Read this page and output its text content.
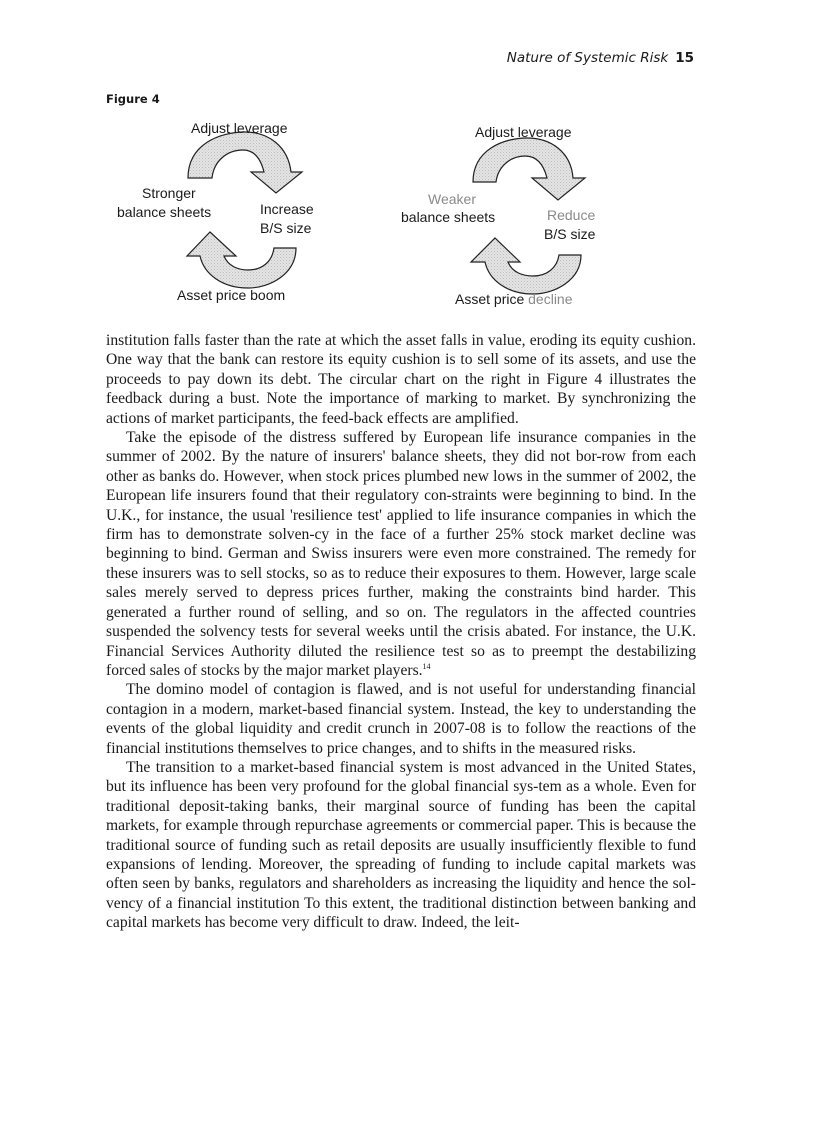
Nature of Systemic Risk 15
Figure 4
Adjust leverage
Stronger
balance sheets	Increase
B/S size
Asset price boom
Adjust leverage
Weaker
balance sheets	Reduce
B/S size
Asset price decline

institution falls faster than the rate at which the asset falls in value, eroding its equity cushion. One way that the bank can restore its equity cushion is to sell some of its assets, and use the proceeds to pay down its debt. The circular chart on the right in Figure 4 illustrates the feedback during a bust. Note the importance of marking to market. By synchronizing the actions of market participants, the feed-back effects are amplified.

Take the episode of the distress suffered by European life insurance companies in the summer of 2002. By the nature of insurers' balance sheets, they did not bor-row from each other as banks do. However, when stock prices plumbed new lows in the summer of 2002, the European life insurers found that their regulatory con-straints were beginning to bind. In the U.K., for instance, the usual 'resilience test' applied to life insurance companies in which the firm has to demonstrate solven-cy in the face of a further 25% stock market decline was beginning to bind. German and Swiss insurers were even more constrained. The remedy for these insurers was to sell stocks, so as to reduce their exposures to them. However, large scale sales merely served to depress prices further, making the constraints bind harder. This generated a further round of selling, and so on. The regulators in the affected countries suspended the solvency tests for several weeks until the crisis abated. For instance, the U.K. Financial Services Authority diluted the resilience test so as to preempt the destabilizing forced sales of stocks by the major market players.$^{14}$

The domino model of contagion is flawed, and is not useful for understanding financial contagion in a modern, market-based financial system. Instead, the key to understanding the events of the global liquidity and credit crunch in 2007-08 is to follow the reactions of the financial institutions themselves to price changes, and to shifts in the measured risks.

The transition to a market-based financial system is most advanced in the United States, but its influence has been very profound for the global financial sys-tem as a whole. Even for traditional deposit-taking banks, their marginal source of funding has been the capital markets, for example through repurchase agreements or commercial paper. This is because the traditional source of funding such as retail deposits are usually insufficiently flexible to fund expansions of lending. Moreover, the spreading of funding to include capital markets was often seen by banks, regulators and shareholders as increasing the liquidity and hence the sol-vency of a financial institution To this extent, the traditional distinction between banking and capital markets has become very difficult to draw. Indeed, the leit-
